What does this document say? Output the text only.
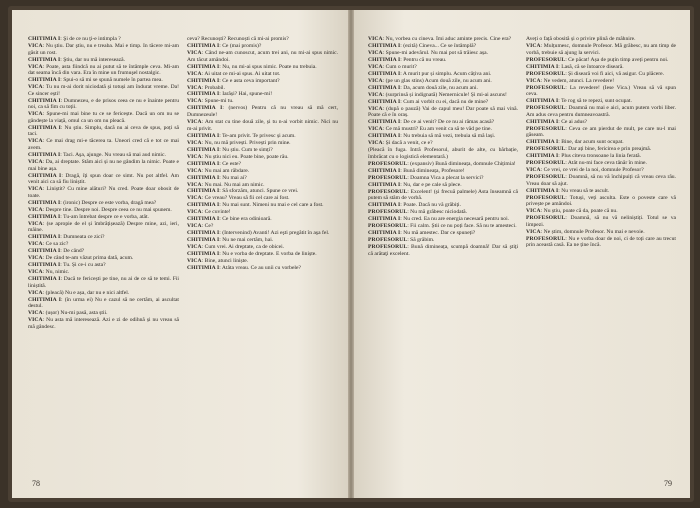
CHITIMIA I: Şi de ce nu ţi-e intimpla ?

VICA: Nu ştiu. Dar ştiu, nu e treaba. Mai e timp. In tăcere mi-am găsit un rost.

CHITIMIA I: Ştiu, dar nu mă interesează.

VICA: Poate, asta fiindcă nu ai putut să te întâmple ceva. Mi-am dat seama încă din vara. Era în mine un frumuşel nostalgic.

CHITIMIA I: Spui-o să mi se spună numele în partea mea.

VICA: Tu nu m-ai dorit niciodată și totuși am îndurat vreme. Da! Ce sincer ești!

CHITIMIA I: Dumnezeu, e de prisos ceea ce nu e înainte pentru noi, ca să fim cu toții.

VICA: Spune-mi mai bine tu ce se fericește. Dacă un om nu se gândește la viață, omul ca un om nu pleacă.

CHITIMIA I: Nu ştiu. Simplu, dacă nu ai ceva de spus, poți să taci.

VICA: Ce mai drag mi-e tăcerea ta. Uneori cred că e tot ce mai avem.

CHITIMIA I: Taci. Aşa, ajunge. Nu vreau să mai aud nimic.

VICA: Da, ai dreptate. Stăm aici și nu ne gândim la nimic. Poate e mai bine așa.

CHITIMIA I: Dragă, îți spun doar ce simt. Nu pot altfel. Am venit aici ca să fiu liniștit.

VICA: Liniștit? Cu mine alături? Nu cred. Poate doar obosit de toate.

CHITIMIA I: (ironic) Despre ce este vorba, dragă mea?

VICA: Despre tine. Despre noi. Despre ceea ce nu mai spunem.

CHITIMIA I: Tu-am întrebat despre ce e vorba, atât.

VICA: (se apropie de el și îmbrățișează) Despre mine, azi, ieri, mâine.

CHITIMIA I: Dumneata ce zici?

VICA: Ce sa zic?

CHITIMIA I: De când?

VICA: De când te-am văzut prima dată, acum.

CHITIMIA I: Tu. Și ce-i cu asta?

VICA: Nu, nimic.

CHITIMIA I: Dacă te fericești pe tine, nu ai de ce să te temi. Fii liniștită.

VICA: (pleacă) Nu e așa, dar nu e nici altfel.

CHITIMIA I: (în urma ei) Nu e cazul să ne certăm, ai ascultat destul.

VICA: (ușor) Nu-mi pasă, asta știi.

VICA: Nu asta mă interesează. Azi e zi de odihnă și nu vreau să mă gândesc.

ceva? Recunoști? Recunoști că mi-ai promis?

CHITIMIA I: Ce (mai promis)?

VICA: Când ne-am cunoscut, acum trei ani, nu mi-ai spus nimic. Am tăcut amândoi.

CHITIMIA I: Nu, nu mi-ai spus nimic. Poate nu trebuia.

VICA: Ai uitat ce mi-ai spus. Ai uitat tot.

CHITIMIA I: Ce e asta ceva important?

VICA: Probabil.

CHITIMIA I: Iarăși? Hai, spune-mi!

VICA: Spune-mi tu.

CHITIMIA I: (nervos) Pentru că nu vreau să mă cert, Dumnezeule!

VICA: Am stat cu tine două zile, și tu n-ai vorbit nimic. Nici nu m-ai privit.

CHITIMIA I: Te-am privit. Te privesc și acum.

VICA: Nu, nu mă privești. Privești prin mine.

CHITIMIA I: Nu știu. Cum te simți?

VICA: Nu știu nici eu. Poate bine, poate rău.

CHITIMIA I: Ce este?

VICA: Nu mai am răbdare.

CHITIMIA I: Nu mai ai?

VICA: Nu mai. Nu mai am nimic.

CHITIMIA I: Să sforzăm, atunci. Spune ce vrei.

VICA: Ce vreau? Vreau să fii cel care ai fost.

CHITIMIA I: Nu mai sunt. Nimeni nu mai e cel care a fost.

VICA: Ce cuvinte!

CHITIMIA I: Ce bine era odinioară.

VICA: Ce?

CHITIMIA I: (Intervenind) Avanti! Azi eşti pregătit în aşa fel.

CHITIMIA I: Nu ne mai certăm, hai.

VICA: Cum vrei. Ai dreptate, ca de obicei.

CHITIMIA I: Nu e vorba de dreptate. E vorba de liniște.

VICA: Bine, atunci liniște.

CHITIMIA I: Atâta vreau. Ce au unii cu vorbele?

78

VICA: Nu, vorbea cu cineva. Îmi aduc aminte precis. Cine era?

CHITIMIA I: (ezită) Cineva... Ce se întâmplă?

VICA: Spune-mi adevărul. Nu mai pot să trăiesc așa.

CHITIMIA I: Pentru că nu vreau.

VICA: Cum o murit?

CHITIMIA I: A murit pur și simplu. Acum câțiva ani.

VICA: (pe un glas stins) Acum două zile, nu acum ani.

CHITIMIA I: Da, acum două zile, nu acum ani.

VICA: (surprinsă și indignată) Nemernicule! Și mi-ai ascuns!

CHITIMIA I: Cum ai vorbit cu ei, dacă nu de mine?

VICA: (după o pauză) Vai de capul meu! Dar poate să mai vină. Poate că e în oraș.

CHITIMIA I: De ce ai venit? De ce nu ai rămas acasă?

VICA: Ce mă mustri? Eu am venit ca să te văd pe tine.

CHITIMIA I: Nu trebuia să mă vezi, trebuia să mă lași.

VICA: Și dacă a venit, ce e?

(Pleacă în fuga. Intră Profesorul, aburit de alte, cu bărbație, îmbrăcat cu o logistică elementară.)

PROFESORUL: (expansiv) Bună dimineața, domnule Chițimia!

CHITIMIA I: Bună dimineața, Profesore!

PROFESORUL: Doamna Vica a plecat la servici?

CHITIMIA I: Nu, dar e pe cale să plece.

PROFESORUL: Excelent! (și frecuă palmele) Asta înseamnă că putem să stăm de vorbă.

CHITIMIA I: Poate. Dacă nu vă grăbiți.

PROFESORUL: Nu mă grăbesc niciodată.

CHITIMIA I: Nu cred. Ea nu are energia necesară pentru noi.

PROFESORUL: Fii calm. Știi ce nu poți face. Să nu te amesteci.

CHITIMIA I: Nu mă amestec. Dar ce spuneți?

PROFESORUL: Să grăbim.

PROFESORUL: Bună dimineața, scumpă doamnă! Dar să ştiţi că arătaţi excelent.

Aveți o față obosită și o privire plină de mâhnire.

VICA: Mulțumesc, domnule Profesor. Mă grăbesc, nu am timp de vorbă, trebuie să ajung la servici.

PROFESORUL: Ce păcat! Așa de puțin timp aveți pentru noi.

CHITIMIA I: Lasă, că se întoarce diseară.

PROFESORUL: Și diseară voi fi aici, vă asigur. Cu plăcere.

VICA: Ne vedem, atunci. La revedere!

PROFESORUL: La revedere! (Iese Vica.) Vreau să vă spun ceva.

CHITIMIA I: Te rog să te repezi, sunt ocupat.

PROFESORUL: Doamnă nu mai e aici, acum putem vorbi liber. Am adus ceva pentru dumneavoastră.

CHITIMIA I: Ce ai adus?

PROFESORUL: Ceva ce am pierdut de mult, pe care nu-l mai găseam.

CHITIMIA I: Bine, dar acum sunt ocupat.

PROFESORUL: Dar ați bine, fericirea e prin preajmă.

CHITIMIA I: Plus citeva tronsoane la linia ferată.

PROFESORUL: Atât nu-mi face ceva tânăr în mine.

VICA: Ce vrei, ce vrei de la noi, domnule Profesor?

PROFESORUL: Doamnă, să nu vă închipuiți că vreau ceva rău. Vreau doar să ajut.

CHITIMIA I: Nu vreau să te ascult.

PROFESORUL: Totuși, veți asculta. Este o poveste care vă privește pe amândoi.

VICA: Nu știu, poate că da, poate că nu.

PROFESORUL: Doamnă, să nu vă neliniștiți. Totul se va limpezi.

VICA: Ne știm, domnule Profesor. Nu mai e nevoie.

PROFESORUL: Nu e vorba doar de noi, ci de toți care au trecut prin această casă. Ea ne ține încă.

79
